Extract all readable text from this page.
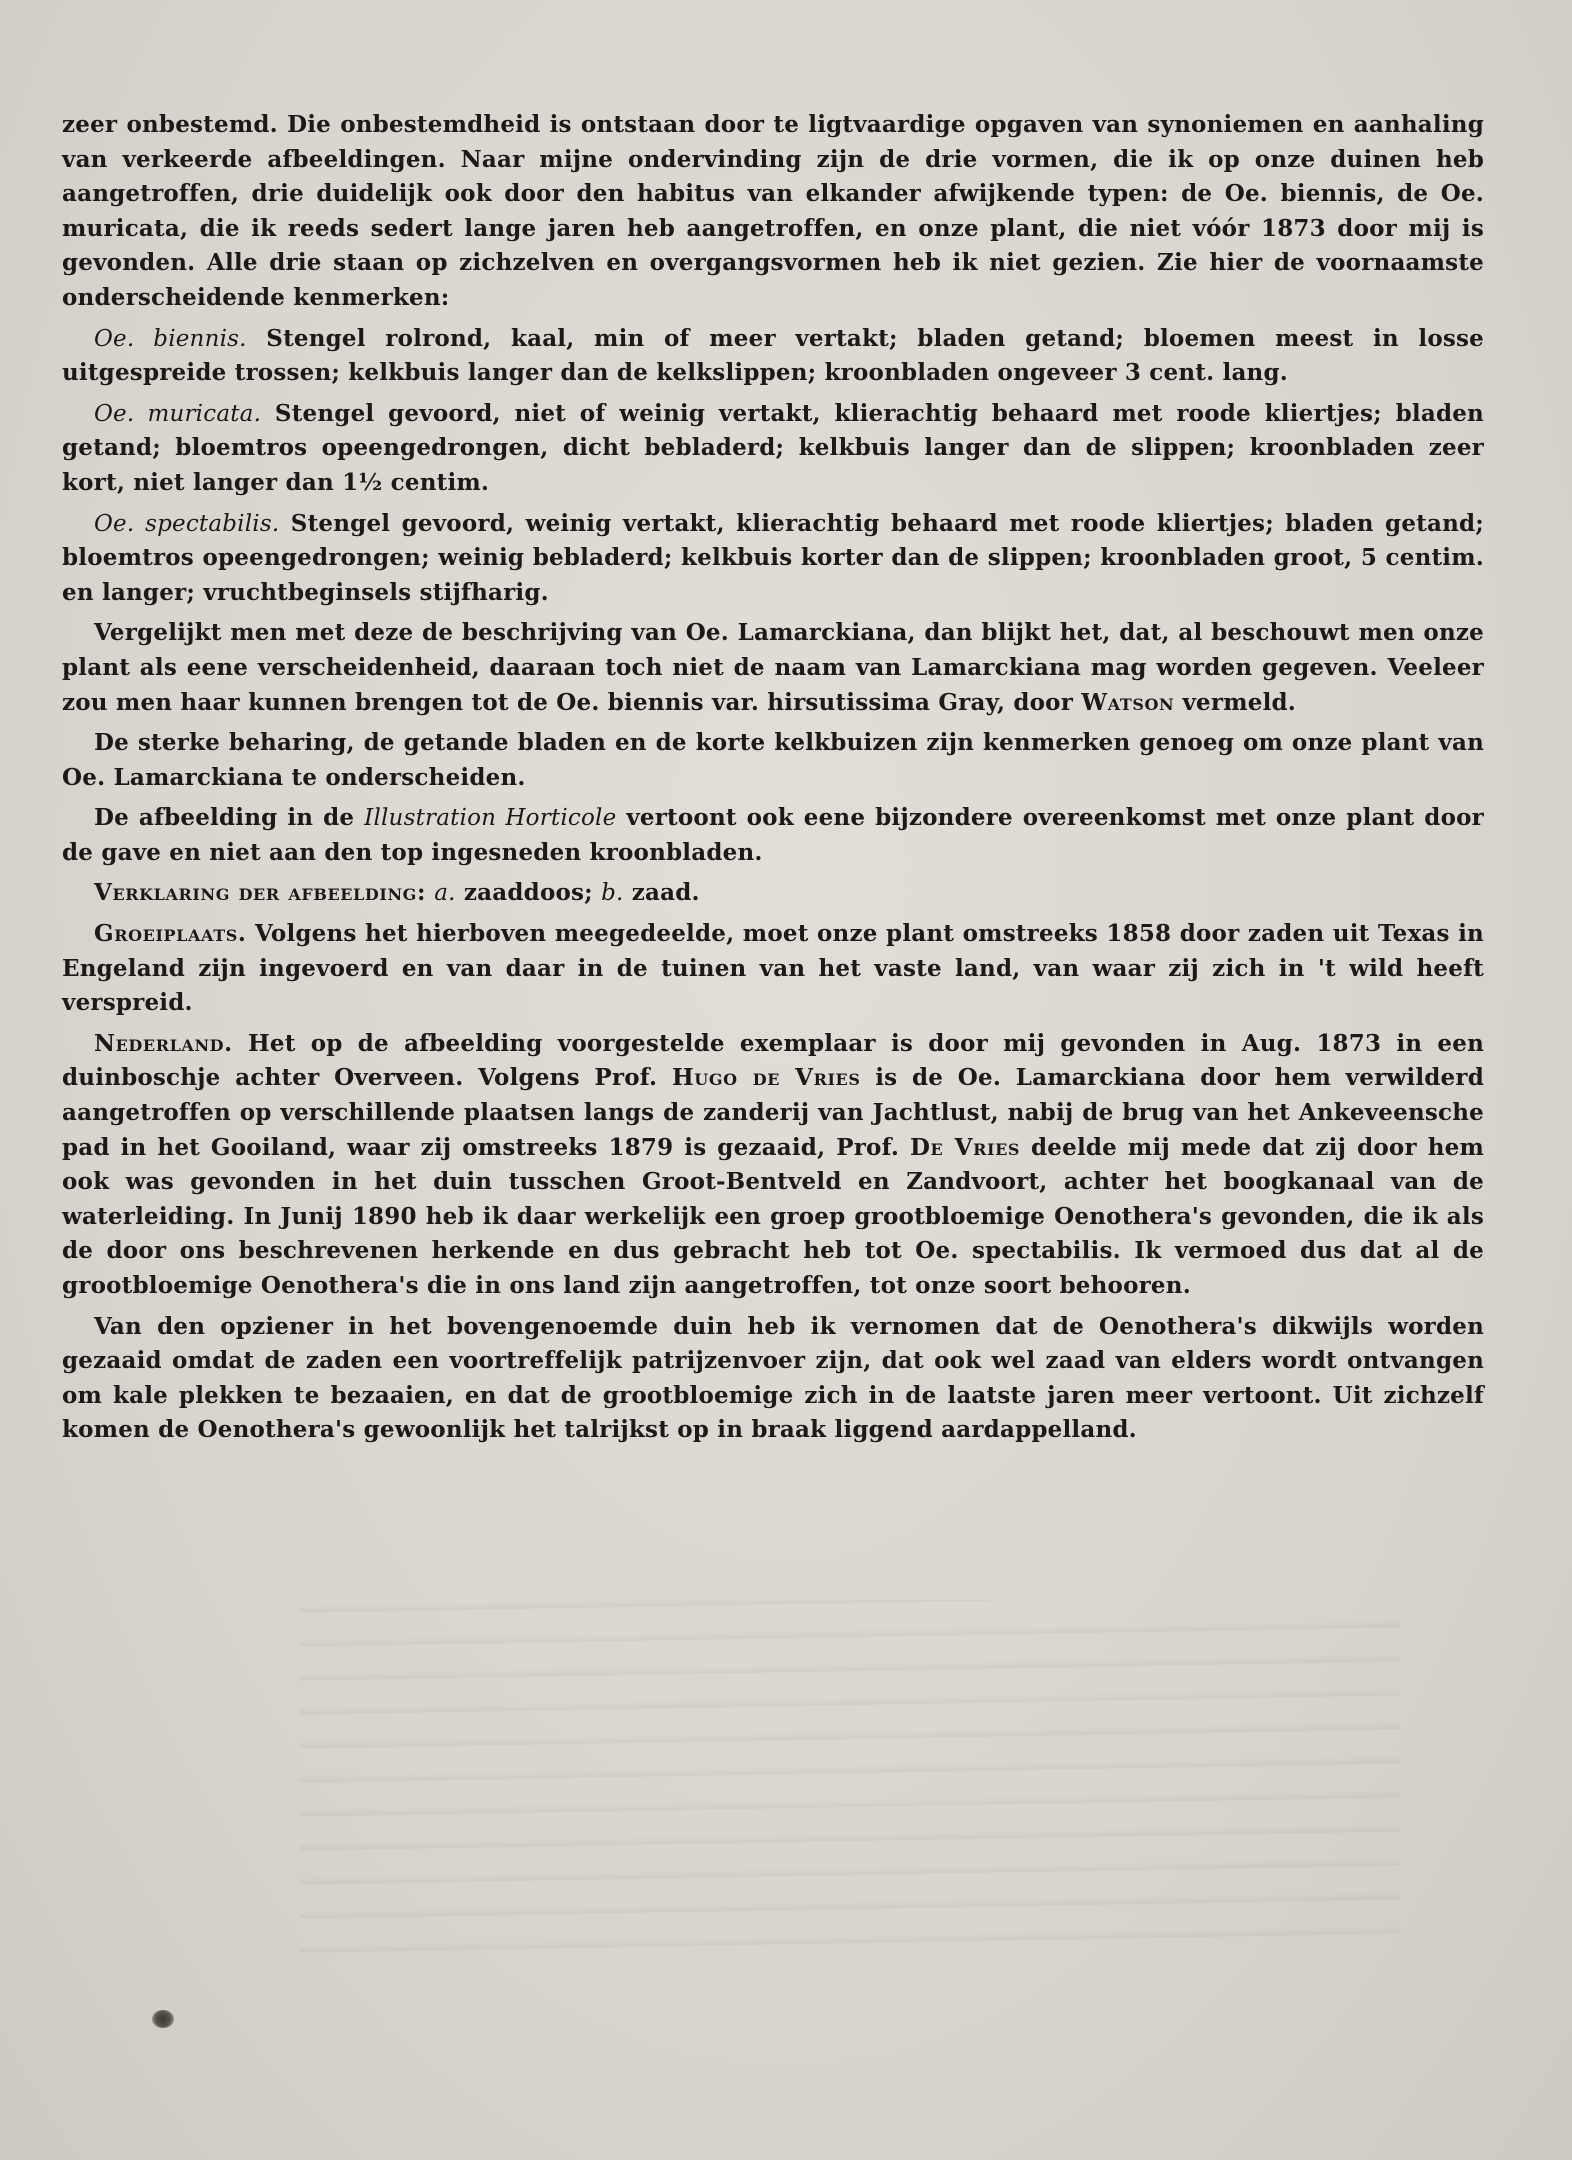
zeer onbestemd. Die onbestemdheid is ontstaan door te ligtvaardige opgaven van synoniemen en aanhaling van verkeerde afbeeldingen. Naar mijne ondervinding zijn de drie vormen, die ik op onze duinen heb aangetroffen, drie duidelijk ook door den habitus van elkander afwijkende typen: de Oe. biennis, de Oe. muricata, die ik reeds sedert lange jaren heb aangetroffen, en onze plant, die niet vóór 1873 door mij is gevonden. Alle drie staan op zichzelven en overgangsvormen heb ik niet gezien. Zie hier de voornaamste onderscheidende kenmerken:

Oe. biennis. Stengel rolrond, kaal, min of meer vertakt; bladen getand; bloemen meest in losse uitgespreide trossen; kelkbuis langer dan de kelkslippen; kroonbladen ongeveer 3 cent. lang.

Oe. muricata. Stengel gevoord, niet of weinig vertakt, klierachtig behaard met roode kliertjes; bladen getand; bloemtros opeengedrongen, dicht bebladerd; kelkbuis langer dan de slippen; kroonbladen zeer kort, niet langer dan 1½ centim.

Oe. spectabilis. Stengel gevoord, weinig vertakt, klierachtig behaard met roode kliertjes; bladen getand; bloemtros opeengedrongen; weinig bebladerd; kelkbuis korter dan de slippen; kroonbladen groot, 5 centim. en langer; vruchtbeginsels stijfharig.

Vergelijkt men met deze de beschrijving van Oe. Lamarckiana, dan blijkt het, dat, al beschouwt men onze plant als eene verscheidenheid, daaraan toch niet de naam van Lamarckiana mag worden gegeven. Veeleer zou men haar kunnen brengen tot de Oe. biennis var. hirsutissima Gray, door Watson vermeld.

De sterke beharing, de getande bladen en de korte kelkbuizen zijn kenmerken genoeg om onze plant van Oe. Lamarckiana te onderscheiden.

De afbeelding in de Illustration Horticole vertoont ook eene bijzondere overeenkomst met onze plant door de gave en niet aan den top ingesneden kroonbladen.

Verklaring der afbeelding: a. zaaddoos; b. zaad.

Groeiplaats. Volgens het hierboven meegedeelde, moet onze plant omstreeks 1858 door zaden uit Texas in Engeland zijn ingevoerd en van daar in de tuinen van het vaste land, van waar zij zich in 't wild heeft verspreid.

Nederland. Het op de afbeelding voorgestelde exemplaar is door mij gevonden in Aug. 1873 in een duinboschje achter Overveen. Volgens Prof. Hugo de Vries is de Oe. Lamarckiana door hem verwilderd aangetroffen op verschillende plaatsen langs de zanderij van Jachtlust, nabij de brug van het Ankeveensche pad in het Gooiland, waar zij omstreeks 1879 is gezaaid, Prof. De Vries deelde mij mede dat zij door hem ook was gevonden in het duin tusschen Groot-Bentveld en Zandvoort, achter het boogkanaal van de waterleiding. In Junij 1890 heb ik daar werkelijk een groep grootbloemige Oenothera's gevonden, die ik als de door ons beschrevenen herkende en dus gebracht heb tot Oe. spectabilis. Ik vermoed dus dat al de grootbloemige Oenothera's die in ons land zijn aangetroffen, tot onze soort behooren.

Van den opziener in het bovengenoemde duin heb ik vernomen dat de Oenothera's dikwijls worden gezaaid omdat de zaden een voortreffelijk patrijzenvoer zijn, dat ook wel zaad van elders wordt ontvangen om kale plekken te bezaaien, en dat de grootbloemige zich in de laatste jaren meer vertoont. Uit zichzelf komen de Oenothera's gewoonlijk het talrijkst op in braak liggend aardappelland.
